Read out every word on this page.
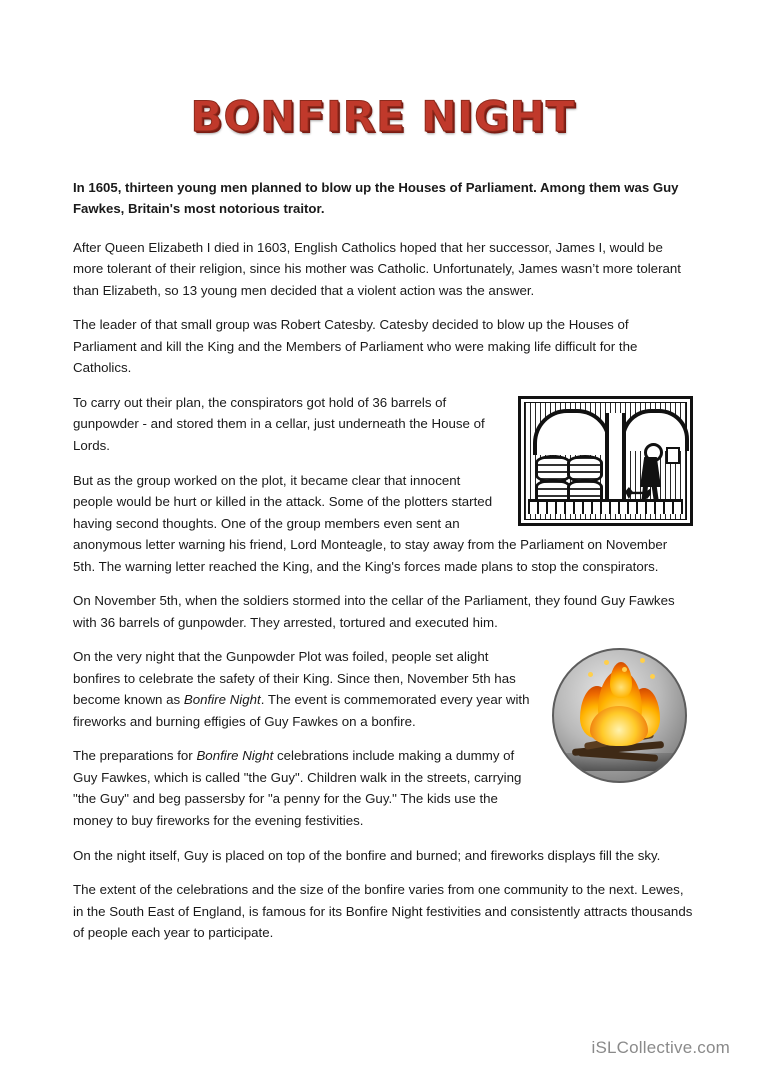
BONFIRE NIGHT

In 1605, thirteen young men planned to blow up the Houses of Parliament. Among them was Guy Fawkes, Britain's most notorious traitor.

After Queen Elizabeth I died in 1603, English Catholics hoped that her successor, James I, would be more tolerant of their religion, since his mother was Catholic. Unfortunately, James wasn’t more tolerant than Elizabeth, so 13 young men decided that a violent action was the answer.

The leader of that small group was Robert Catesby. Catesby decided to blow up the Houses of Parliament and kill the King and the Members of Parliament who were making life difficult for the Catholics.

To carry out their plan, the conspirators got hold of 36 barrels of gunpowder - and stored them in a cellar, just underneath the House of Lords.

But as the group worked on the plot, it became clear that innocent people would be hurt or killed in the attack. Some of the plotters started having second thoughts. One of the group members even sent an anonymous letter warning his friend, Lord Monteagle, to stay away from the Parliament on November 5th. The warning letter reached the King, and the King's forces made plans to stop the conspirators.

On November 5th, when the soldiers stormed into the cellar of the Parliament, they found Guy Fawkes with 36 barrels of gunpowder. They arrested, tortured and executed him.

On the very night that the Gunpowder Plot was foiled, people set alight bonfires to celebrate the safety of their King. Since then, November 5th has become known as Bonfire Night. The event is commemorated every year with fireworks and burning effigies of Guy Fawkes on a bonfire.

The preparations for Bonfire Night celebrations include making a dummy of Guy Fawkes, which is called "the Guy". Children walk in the streets, carrying "the Guy" and beg passersby for "a penny for the Guy." The kids use the money to buy fireworks for the evening festivities.

On the night itself, Guy is placed on top of the bonfire and burned; and fireworks displays fill the sky.

The extent of the celebrations and the size of the bonfire varies from one community to the next. Lewes, in the South East of England, is famous for its Bonfire Night festivities and consistently attracts thousands of people each year to participate.

iSLCollective.com
